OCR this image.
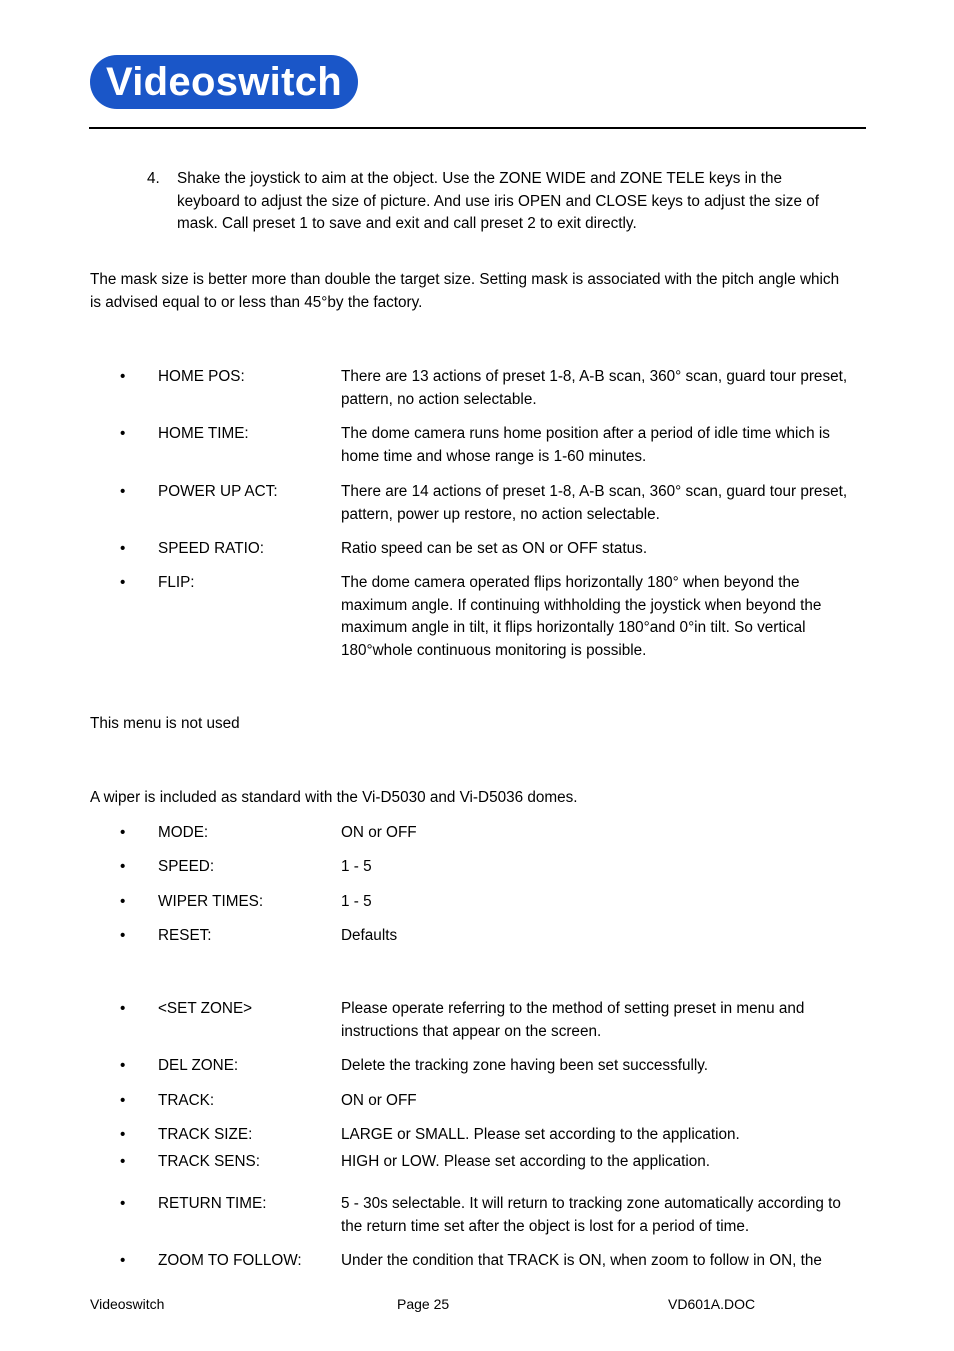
Videoswitch
4. Shake the joystick to aim at the object. Use the ZONE WIDE and ZONE TELE keys in the
keyboard to adjust the size of picture. And use iris OPEN and CLOSE keys to adjust the size of
mask. Call preset 1 to save and exit and call preset 2 to exit directly.
The mask size is better more than double the target size. Setting mask is associated with the pitch angle which
is advised equal to or less than 45°by the factory.
• HOME POS:	There are 13 actions of preset 1-8, A-B scan, 360° scan, guard tour preset,
pattern, no action selectable.
• HOME TIME:	The dome camera runs home position after a period of idle time which is
home time and whose range is 1-60 minutes.
• POWER UP ACT:	There are 14 actions of preset 1-8, A-B scan, 360° scan, guard tour preset,
pattern, power up restore, no action selectable.
• SPEED RATIO:	Ratio speed can be set as ON or OFF status.
• FLIP:	The dome camera operated flips horizontally 180° when beyond the
maximum angle. If continuing withholding the joystick when beyond the
maximum angle in tilt, it flips horizontally 180°and 0°in tilt. So vertical
180°whole continuous monitoring is possible.
This menu is not used
A wiper is included as standard with the Vi-D5030 and Vi-D5036 domes.
• MODE:	ON or OFF
• SPEED:	1 - 5
• WIPER TIMES:	1 - 5
• RESET:	Defaults
• <SET ZONE>	Please operate referring to the method of setting preset in menu and
instructions that appear on the screen.
• DEL ZONE:	Delete the tracking zone having been set successfully.
• TRACK:	ON or OFF
• TRACK SIZE:	LARGE or SMALL. Please set according to the application.
• TRACK SENS:	HIGH or LOW. Please set according to the application.
• RETURN TIME:	5 - 30s selectable. It will return to tracking zone automatically according to
the return time set after the object is lost for a period of time.
• ZOOM TO FOLLOW:	Under the condition that TRACK is ON, when zoom to follow in ON, the
Videoswitch	Page 25	VD601A.DOC
